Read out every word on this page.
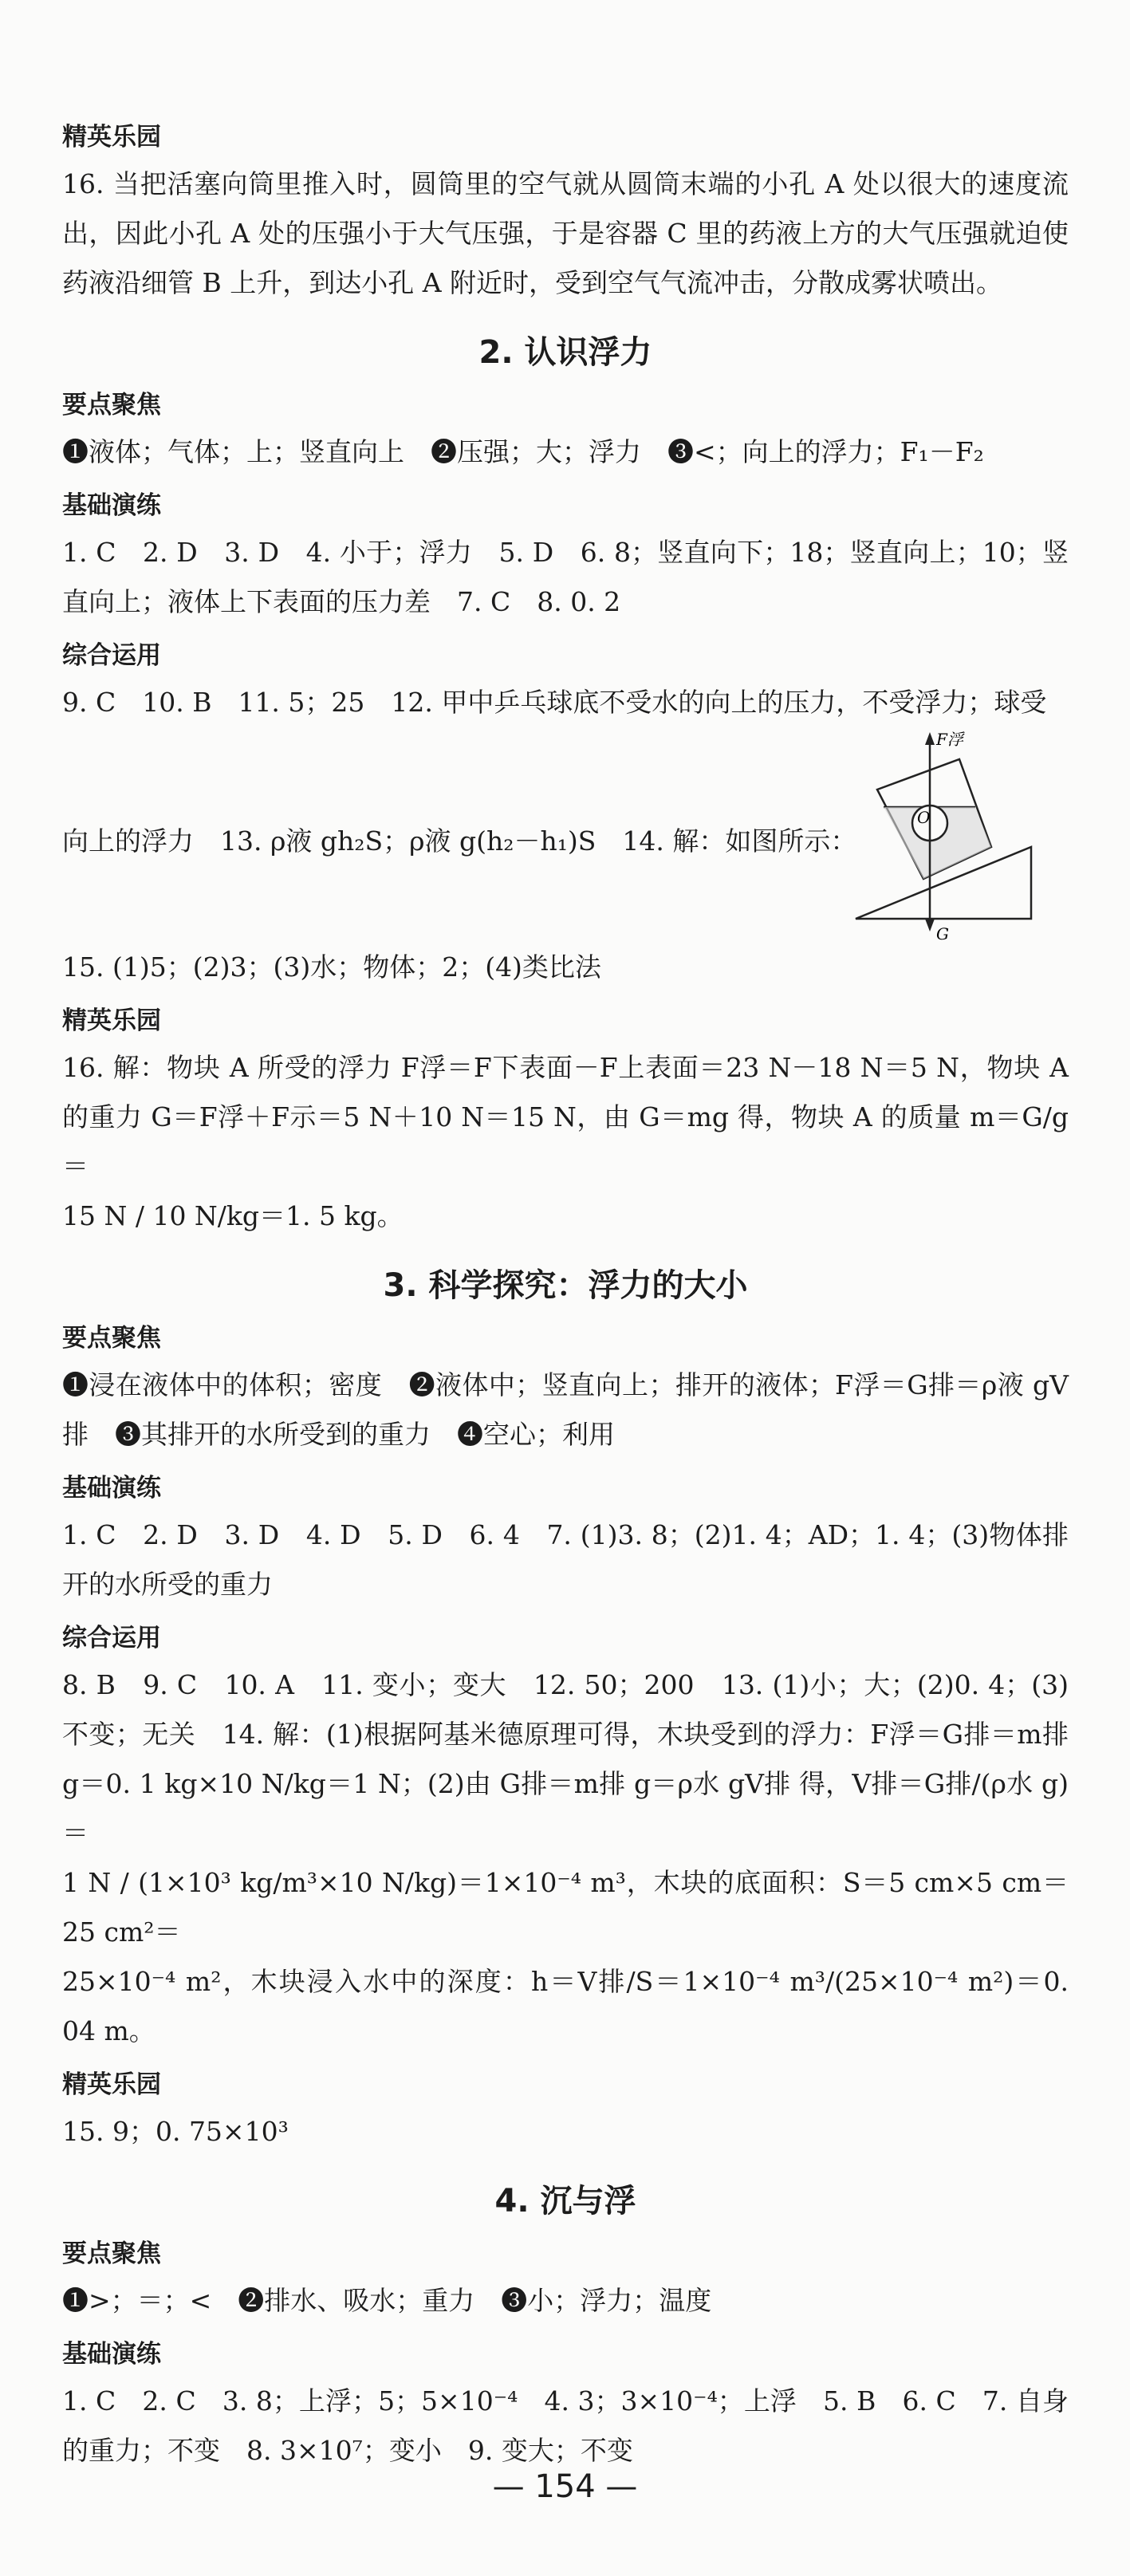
精英乐园

16. 当把活塞向筒里推入时，圆筒里的空气就从圆筒末端的小孔 A 处以很大的速度流出，因此小孔 A 处的压强小于大气压强，于是容器 C 里的药液上方的大气压强就迫使药液沿细管 B 上升，到达小孔 A 附近时，受到空气气流冲击，分散成雾状喷出。

2. 认识浮力
要点聚焦

❶液体；气体；上；竖直向上　❷压强；大；浮力　❸<；向上的浮力；F₁－F₂

基础演练

1. C　2. D　3. D　4. 小于；浮力　5. D　6. 8；竖直向下；18；竖直向上；10；竖直向上；液体上下表面的压力差　7. C　8. 0. 2

综合运用

9. C　10. B　11. 5；25　12. 甲中乒乓球底不受水的向上的压力，不受浮力；球受

向上的浮力　13. ρ液 gh₂S；ρ液 g(h₂－h₁)S　14. 解：如图所示：
F浮
G
O

15. (1)5；(2)3；(3)水；物体；2；(4)类比法

精英乐园

16. 解：物块 A 所受的浮力 F浮＝F下表面－F上表面＝23 N－18 N＝5 N，物块 A 的重力 G＝F浮＋F示＝5 N＋10 N＝15 N，由 G＝mg 得，物块 A 的质量 m＝G/g＝

15 N / 10 N/kg＝1. 5 kg。

3. 科学探究：浮力的大小
要点聚焦

❶浸在液体中的体积；密度　❷液体中；竖直向上；排开的液体；F浮＝G排＝ρ液 gV排　❸其排开的水所受到的重力　❹空心；利用

基础演练

1. C　2. D　3. D　4. D　5. D　6. 4　7. (1)3. 8；(2)1. 4；AD；1. 4；(3)物体排开的水所受的重力

综合运用

8. B　9. C　10. A　11. 变小；变大　12. 50；200　13. (1)小；大；(2)0. 4；(3)不变；无关　14. 解：(1)根据阿基米德原理可得，木块受到的浮力：F浮＝G排＝m排 g＝0. 1 kg×10 N/kg＝1 N；(2)由 G排＝m排 g＝ρ水 gV排 得，V排＝G排/(ρ水 g)＝

1 N / (1×10³ kg/m³×10 N/kg)＝1×10⁻⁴ m³，木块的底面积：S＝5 cm×5 cm＝25 cm²＝

25×10⁻⁴ m²，木块浸入水中的深度：h＝V排/S＝1×10⁻⁴ m³/(25×10⁻⁴ m²)＝0. 04 m。

精英乐园

15. 9；0. 75×10³

4. 沉与浮
要点聚焦

❶>；＝；<　❷排水、吸水；重力　❸小；浮力；温度

基础演练

1. C　2. C　3. 8；上浮；5；5×10⁻⁴　4. 3；3×10⁻⁴；上浮　5. B　6. C　7. 自身的重力；不变　8. 3×10⁷；变小　9. 变大；不变

— 154 —
